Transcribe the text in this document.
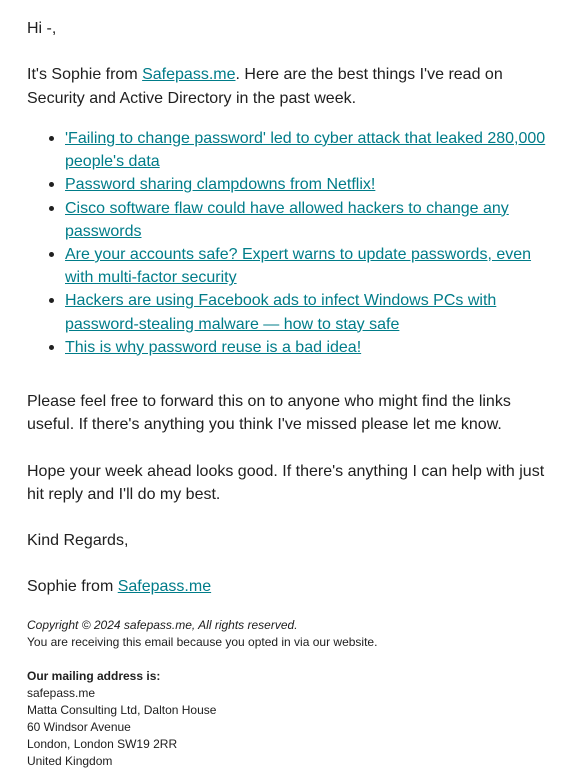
Hi -,

It's Sophie from Safepass.me. Here are the best things I've read on Security and Active Directory in the past week.

'Failing to change password' led to cyber attack that leaked 280,000 people's data
Password sharing clampdowns from Netflix!
Cisco software flaw could have allowed hackers to change any passwords
Are your accounts safe? Expert warns to update passwords, even with multi-factor security
Hackers are using Facebook ads to infect Windows PCs with password-stealing malware — how to stay safe
This is why password reuse is a bad idea!

Please feel free to forward this on to anyone who might find the links useful. If there's anything you think I've missed please let me know.

Hope your week ahead looks good. If there's anything I can help with just hit reply and I'll do my best.

Kind Regards,

Sophie from Safepass.me

Copyright © 2024 safepass.me, All rights reserved.
You are receiving this email because you opted in via our website.
Our mailing address is:
safepass.me
Matta Consulting Ltd, Dalton House
60 Windsor Avenue
London, London SW19 2RR
United Kingdom
